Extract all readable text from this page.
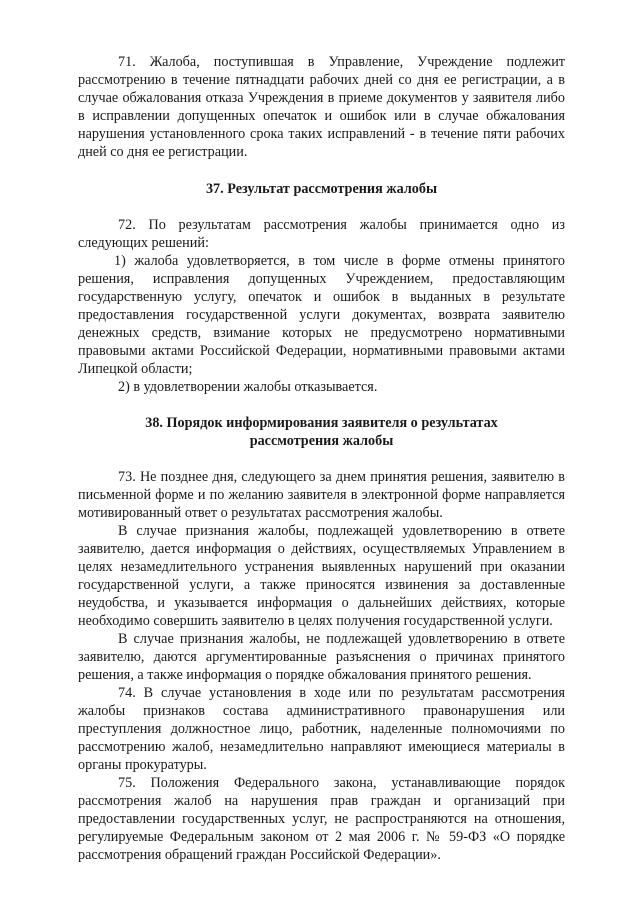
71. Жалоба, поступившая в Управление, Учреждение подлежит рассмотрению в течение пятнадцати рабочих дней со дня ее регистрации, а в случае обжалования отказа Учреждения в приеме документов у заявителя либо в исправлении допущенных опечаток и ошибок или в случае обжалования нарушения установленного срока таких исправлений - в течение пяти рабочих дней со дня ее регистрации.

37. Результат рассмотрения жалобы

72. По результатам рассмотрения жалобы принимается одно из следующих решений:

1) жалоба удовлетворяется, в том числе в форме отмены принятого решения, исправления допущенных Учреждением, предоставляющим государственную услугу, опечаток и ошибок в выданных в результате предоставления государственной услуги документах, возврата заявителю денежных средств, взимание которых не предусмотрено нормативными правовыми актами Российской Федерации, нормативными правовыми актами Липецкой области;

2) в удовлетворении жалобы отказывается.

38. Порядок информирования заявителя о результатах рассмотрения жалобы

73. Не позднее дня, следующего за днем принятия решения, заявителю в письменной форме и по желанию заявителя в электронной форме направляется мотивированный ответ о результатах рассмотрения жалобы.

В случае признания жалобы, подлежащей удовлетворению в ответе заявителю, дается информация о действиях, осуществляемых Управлением в целях незамедлительного устранения выявленных нарушений при оказании государственной услуги, а также приносятся извинения за доставленные неудобства, и указывается информация о дальнейших действиях, которые необходимо совершить заявителю в целях получения государственной услуги.

В случае признания жалобы, не подлежащей удовлетворению в ответе заявителю, даются аргументированные разъяснения о причинах принятого решения, а также информация о порядке обжалования принятого решения.

74. В случае установления в ходе или по результатам рассмотрения жалобы признаков состава административного правонарушения или преступления должностное лицо, работник, наделенные полномочиями по рассмотрению жалоб, незамедлительно направляют имеющиеся материалы в органы прокуратуры.

75. Положения Федерального закона, устанавливающие порядок рассмотрения жалоб на нарушения прав граждан и организаций при предоставлении государственных услуг, не распространяются на отношения, регулируемые Федеральным законом от 2 мая 2006 г. № 59-ФЗ «О порядке рассмотрения обращений граждан Российской Федерации».
